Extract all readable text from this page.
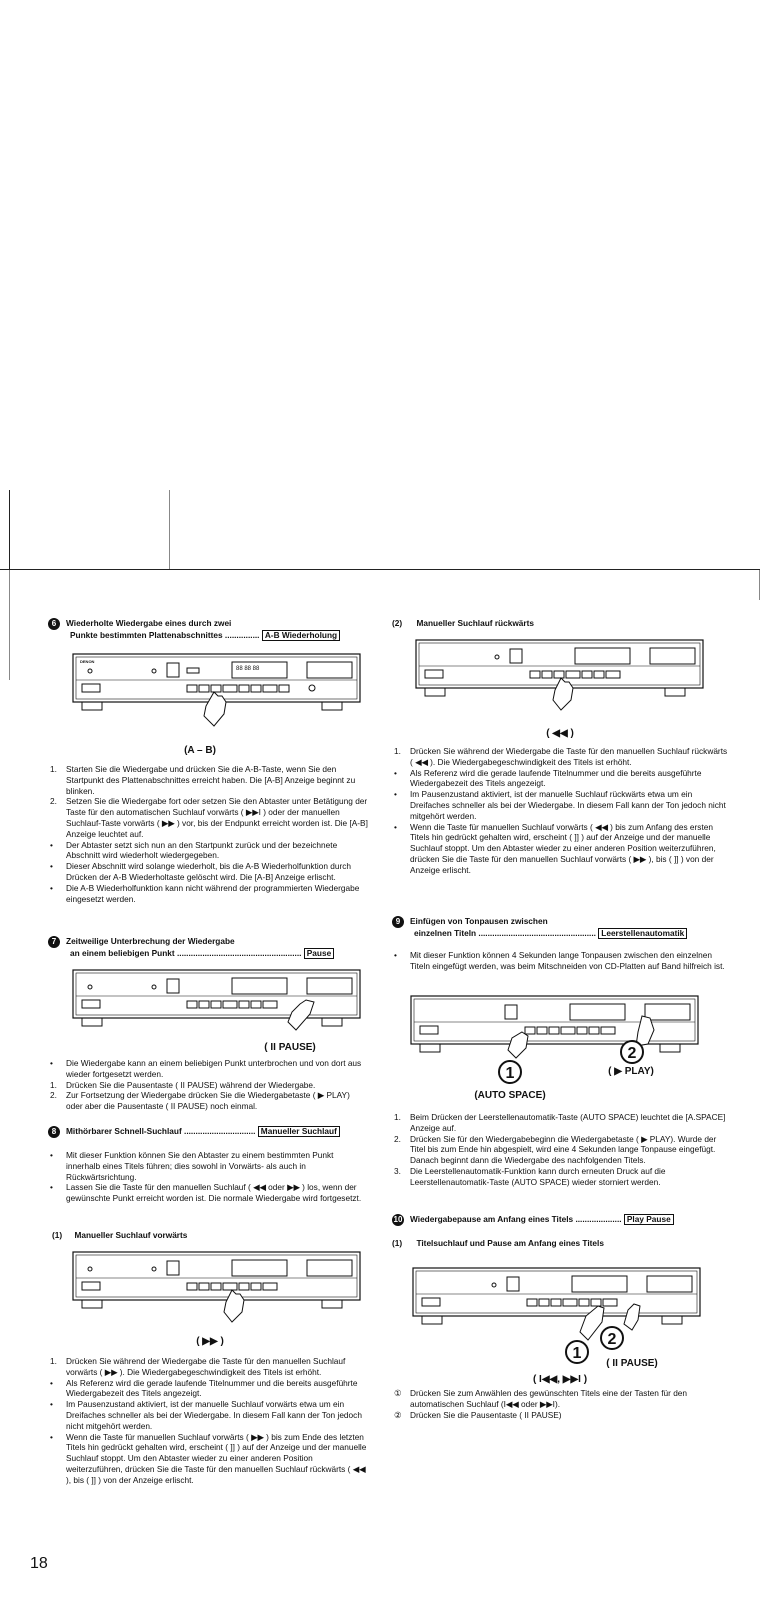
6 Wiederholte Wiedergabe eines durch zwei
Punkte bestimmten Plattenabschnittes ............... A-B Wiederholung
DENON
88 88 88
(A – B)
1. Starten Sie die Wiedergabe und drücken Sie die A-B-Taste, wenn Sie den Startpunkt des Plattenabschnittes erreicht haben. Die [A-B] Anzeige beginnt zu blinken.
2. Setzen Sie die Wiedergabe fort oder setzen Sie den Abtaster unter Betätigung der Taste für den automatischen Suchlauf vorwärts ( ▶▶I ) oder der manuellen Suchlauf-Taste vorwärts ( ▶▶ ) vor, bis der Endpunkt erreicht worden ist. Die [A-B] Anzeige leuchtet auf.
• Der Abtaster setzt sich nun an den Startpunkt zurück und der bezeichnete Abschnitt wird wiederholt wiedergegeben.
• Dieser Abschnitt wird solange wiederholt, bis die A-B Wiederholfunktion durch Drücken der A-B Wiederholtaste gelöscht wird. Die [A-B] Anzeige erlischt.
• Die A-B Wiederholfunktion kann nicht während der programmierten Wiedergabe eingesetzt werden.
7 Zeitweilige Unterbrechung der Wiedergabe
an einem beliebigen Punkt ...................................................... Pause
( II PAUSE)
• Die Wiedergabe kann an einem beliebigen Punkt unterbrochen und von dort aus wieder fortgesetzt werden.
1. Drücken Sie die Pausentaste ( II PAUSE) während der Wiedergabe.
2. Zur Fortsetzung der Wiedergabe drücken Sie die Wiedergabetaste ( ▶ PLAY) oder aber die Pausentaste ( II PAUSE) noch einmal.
8 Mithörbarer Schnell-Suchlauf ............................... Manueller Suchlauf
• Mit dieser Funktion können Sie den Abtaster zu einem bestimmten Punkt innerhalb eines Titels führen; dies sowohl in Vorwärts- als auch in Rückwärtsrichtung.
• Lassen Sie die Taste für den manuellen Suchlauf ( ◀◀ oder ▶▶ ) los, wenn der gewünschte Punkt erreicht worden ist. Die normale Wiedergabe wird fortgesetzt.
(1) Manueller Suchlauf vorwärts
( ▶▶ )
1. Drücken Sie während der Wiedergabe die Taste für den manuellen Suchlauf vorwärts ( ▶▶ ). Die Wiedergabegeschwindigkeit des Titels ist erhöht.
• Als Referenz wird die gerade laufende Titelnummer und die bereits ausgeführte Wiedergabezeit des Titels angezeigt.
• Im Pausenzustand aktiviert, ist der manuelle Suchlauf vorwärts etwa um ein Dreifaches schneller als bei der Wiedergabe. In diesem Fall kann der Ton jedoch nicht mitgehört werden.
• Wenn die Taste für manuellen Suchlauf vorwärts ( ▶▶ ) bis zum Ende des letzten Titels hin gedrückt gehalten wird, erscheint ( ]] ) auf der Anzeige und der manuelle Suchlauf stoppt. Um den Abtaster wieder zu einer anderen Position weiterzuführen, drücken Sie die Taste für den manuellen Suchlauf rückwärts ( ◀◀ ), bis ( ]] ) von der Anzeige erlischt.
18
(2) Manueller Suchlauf rückwärts
( ◀◀ )
1. Drücken Sie während der Wiedergabe die Taste für den manuellen Suchlauf rückwärts ( ◀◀ ). Die Wiedergabegeschwindigkeit des Titels ist erhöht.
• Als Referenz wird die gerade laufende Titelnummer und die bereits ausgeführte Wiedergabezeit des Titels angezeigt.
• Im Pausenzustand aktiviert, ist der manuelle Suchlauf rückwärts etwa um ein Dreifaches schneller als bei der Wiedergabe. In diesem Fall kann der Ton jedoch nicht mitgehört werden.
• Wenn die Taste für manuellen Suchlauf vorwärts ( ◀◀ ) bis zum Anfang des ersten Titels hin gedrückt gehalten wird, erscheint ( ]] ) auf der Anzeige und der manuelle Suchlauf stoppt. Um den Abtaster wieder zu einer anderen Position weiterzuführen, drücken Sie die Taste für den manuellen Suchlauf vorwärts ( ▶▶ ), bis ( ]] ) von der Anzeige erlischt.
9 Einfügen von Tonpausen zwischen
einzelnen Titeln ................................................... Leerstellenautomatik
• Mit dieser Funktion können 4 Sekunden lange Tonpausen zwischen den einzelnen Titeln eingefügt werden, was beim Mitschneiden von CD-Platten auf Band hilfreich ist.
1
2
( ▶ PLAY)
(AUTO SPACE)
1. Beim Drücken der Leerstellenautomatik-Taste (AUTO SPACE) leuchtet die [A.SPACE] Anzeige auf.
2. Drücken Sie für den Wiedergabebeginn die Wiedergabetaste ( ▶ PLAY). Wurde der Titel bis zum Ende hin abgespielt, wird eine 4 Sekunden lange Tonpause eingefügt. Danach beginnt dann die Wiedergabe des nachfolgenden Titels.
3. Die Leerstellenautomatik-Funktion kann durch erneuten Druck auf die Leerstellenautomatik-Taste (AUTO SPACE) wieder storniert werden.
10 Wiedergabepause am Anfang eines Titels .................... Play Pause
(1) Titelsuchlauf und Pause am Anfang eines Titels
1
2
( II PAUSE)
( I◀◀, ▶▶I )
① Drücken Sie zum Anwählen des gewünschten Titels eine der Tasten für den automatischen Suchlauf (I◀◀ oder ▶▶I).
② Drücken Sie die Pausentaste ( II PAUSE)
